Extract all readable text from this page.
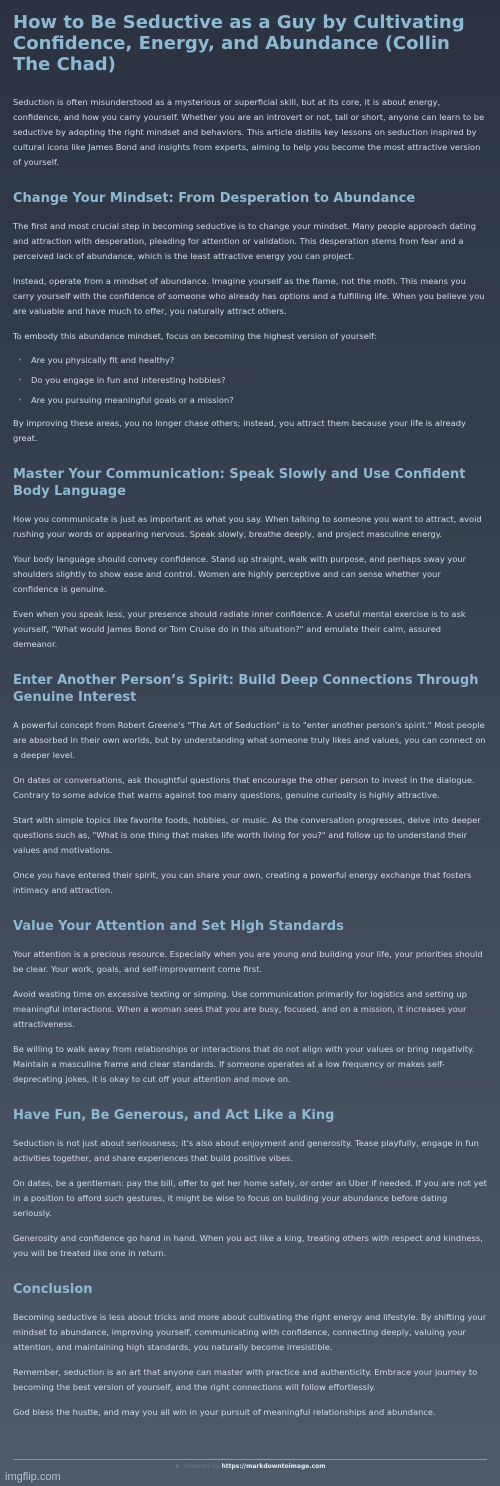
How to Be Seductive as a Guy by Cultivating Confidence, Energy, and Abundance (Collin The Chad)

Seduction is often misunderstood as a mysterious or superficial skill, but at its core, it is about energy, confidence, and how you carry yourself. Whether you are an introvert or not, tall or short, anyone can learn to be seductive by adopting the right mindset and behaviors. This article distills key lessons on seduction inspired by cultural icons like James Bond and insights from experts, aiming to help you become the most attractive version of yourself.

Change Your Mindset: From Desperation to Abundance

The first and most crucial step in becoming seductive is to change your mindset. Many people approach dating and attraction with desperation, pleading for attention or validation. This desperation stems from fear and a perceived lack of abundance, which is the least attractive energy you can project.

Instead, operate from a mindset of abundance. Imagine yourself as the flame, not the moth. This means you carry yourself with the confidence of someone who already has options and a fulfilling life. When you believe you are valuable and have much to offer, you naturally attract others.

To embody this abundance mindset, focus on becoming the highest version of yourself:

• Are you physically fit and healthy?
• Do you engage in fun and interesting hobbies?
• Are you pursuing meaningful goals or a mission?

By improving these areas, you no longer chase others; instead, you attract them because your life is already great.

Master Your Communication: Speak Slowly and Use Confident Body Language

How you communicate is just as important as what you say. When talking to someone you want to attract, avoid rushing your words or appearing nervous. Speak slowly, breathe deeply, and project masculine energy.

Your body language should convey confidence. Stand up straight, walk with purpose, and perhaps sway your shoulders slightly to show ease and control. Women are highly perceptive and can sense whether your confidence is genuine.

Even when you speak less, your presence should radiate inner confidence. A useful mental exercise is to ask yourself, "What would James Bond or Tom Cruise do in this situation?" and emulate their calm, assured demeanor.

Enter Another Person’s Spirit: Build Deep Connections Through Genuine Interest

A powerful concept from Robert Greene's "The Art of Seduction" is to "enter another person's spirit." Most people are absorbed in their own worlds, but by understanding what someone truly likes and values, you can connect on a deeper level.

On dates or conversations, ask thoughtful questions that encourage the other person to invest in the dialogue. Contrary to some advice that warns against too many questions, genuine curiosity is highly attractive.

Start with simple topics like favorite foods, hobbies, or music. As the conversation progresses, delve into deeper questions such as, "What is one thing that makes life worth living for you?" and follow up to understand their values and motivations.

Once you have entered their spirit, you can share your own, creating a powerful energy exchange that fosters intimacy and attraction.

Value Your Attention and Set High Standards

Your attention is a precious resource. Especially when you are young and building your life, your priorities should be clear. Your work, goals, and self-improvement come first.

Avoid wasting time on excessive texting or simping. Use communication primarily for logistics and setting up meaningful interactions. When a woman sees that you are busy, focused, and on a mission, it increases your attractiveness.

Be willing to walk away from relationships or interactions that do not align with your values or bring negativity. Maintain a masculine frame and clear standards. If someone operates at a low frequency or makes self-deprecating jokes, it is okay to cut off your attention and move on.

Have Fun, Be Generous, and Act Like a King

Seduction is not just about seriousness; it's also about enjoyment and generosity. Tease playfully, engage in fun activities together, and share experiences that build positive vibes.

On dates, be a gentleman: pay the bill, offer to get her home safely, or order an Uber if needed. If you are not yet in a position to afford such gestures, it might be wise to focus on building your abundance before dating seriously.

Generosity and confidence go hand in hand. When you act like a king, treating others with respect and kindness, you will be treated like one in return.

Conclusion

Becoming seductive is less about tricks and more about cultivating the right energy and lifestyle. By shifting your mindset to abundance, improving yourself, communicating with confidence, connecting deeply, valuing your attention, and maintaining high standards, you naturally become irresistible.

Remember, seduction is an art that anyone can master with practice and authenticity. Embrace your journey to becoming the best version of yourself, and the right connections will follow effortlessly.

God bless the hustle, and may you all win in your pursuit of meaningful relationships and abundance.

❖ Powered by https://markdowntoimage.com
imgflip.com
